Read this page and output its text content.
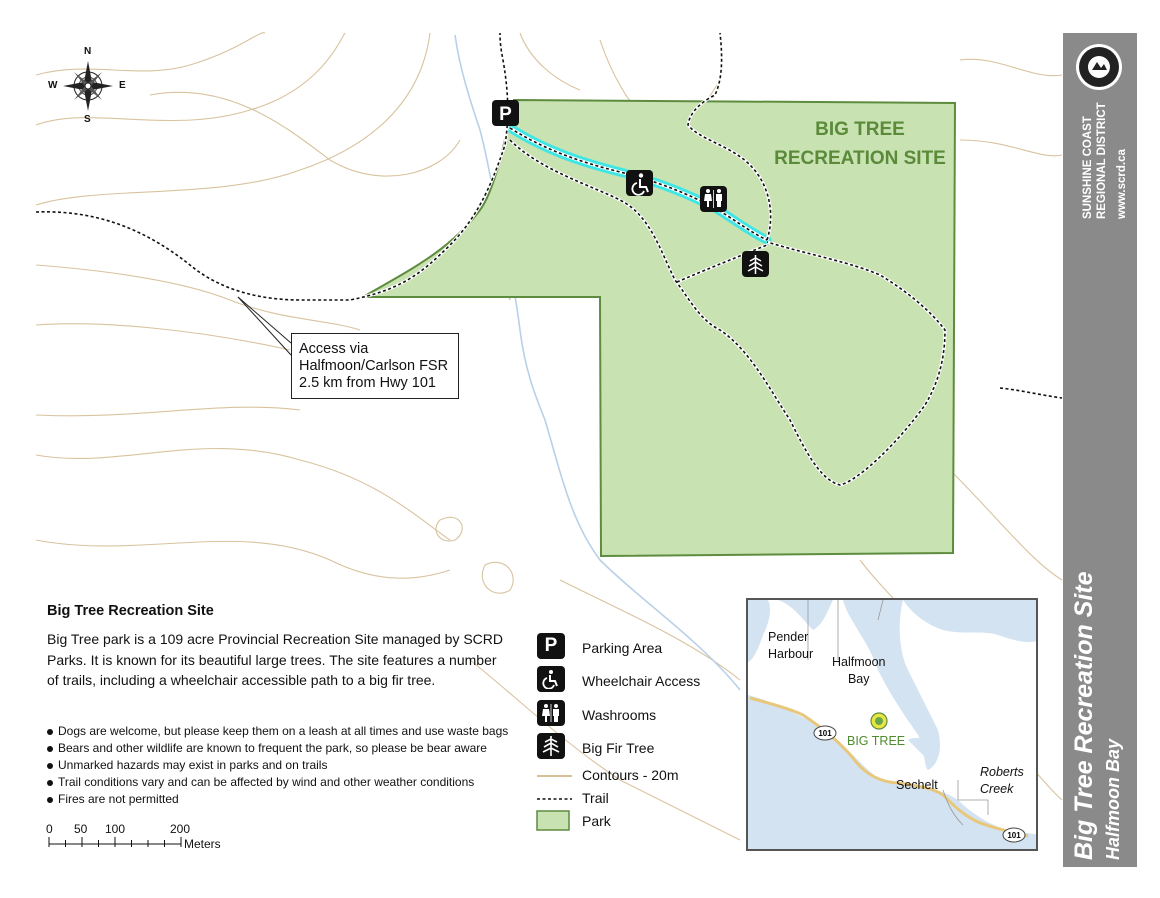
P
BIG TREE
RECREATION SITE
N
S
E
W
Access via
Halfmoon/Carlson FSR
2.5 km from Hwy 101
Big Tree Recreation Site

Big Tree park is a 109 acre Provincial Recreation Site managed by SCRD Parks. It is known for its beautiful large trees. The site features a number of trails, including a wheelchair accessible path to a big fir tree.

Dogs are welcome, but please keep them on a leash at all times and use waste bags
Bears and other wildlife are known to frequent the park, so please be bear aware
Unmarked hazards may exist in parks and on trails
Trail conditions vary and can be affected by wind and other weather conditions
Fires are not permitted
P	Parking Area
Wheelchair Access
Washrooms
Big Fir Tree
Contours - 20m
Trail
Park
0 50 100	200
Meters
101
101
Pender
Harbour
Halfmoon
Bay
BIG TREE
Sechelt
Roberts
Creek
SUNSHINE COAST REGIONAL DISTRICT www.scrd.ca
Big Tree Recreation Site Halfmoon Bay
